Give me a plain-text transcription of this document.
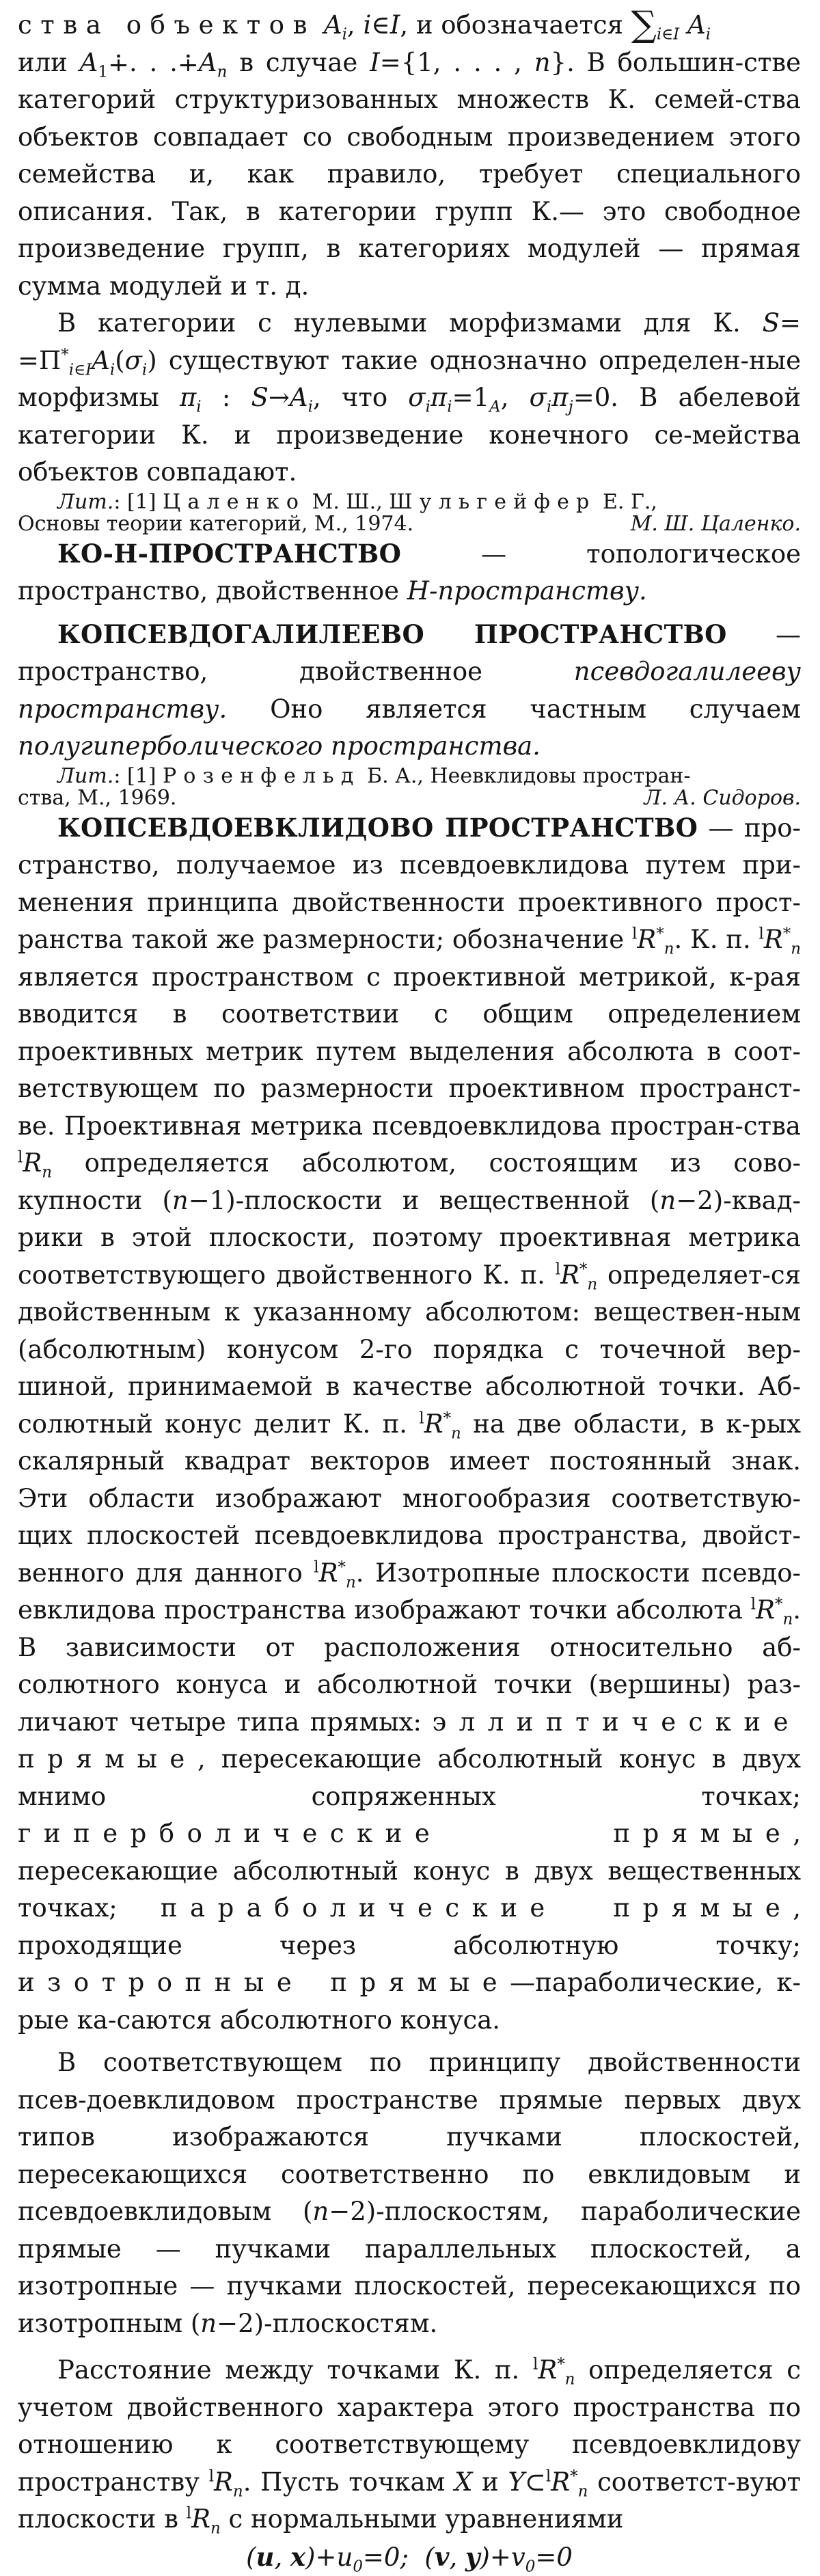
ства объектов $A_i$, i∈I, и обозначается $\sum_{i\in I}$ $A_i$
или $A_1∔$. . $.∔A_n$ в случае I={1, . . . , n}. В большин-стве категорий структуризованных множеств К. семей-ства объектов совпадает со свободным произведением этого семейства и, как правило, требует специального описания. Так, в категории групп К.— это свободное произведение групп, в категориях модулей — прямая сумма модулей и т. д.

В категории с нулевыми морфизмами для К. $S= =\Pi^*_{i\in I}A_i(\sigma_i)$ существуют такие однозначно определен-ные морфизмы $\pi_i$ : $S\to A_i$, что $\sigma_i\pi_i=1_A$, $\sigma_i\pi_j=0$. В абелевой категории К. и произведение конечного се-мейства объектов совпадают.

Лит.: [1] Цаленко М. Ш., Шульгейфер Е. Г.,
Основы теории категорий, М., 1974.	М. Ш. Цаленко.

КО-Н-ПРОСТРАНСТВО — топологическое пространство, двойственное Н-пространству.

КОПСЕВДОГАЛИЛЕЕВО ПРОСТРАНСТВО — пространство, двойственное псевдогалилееву пространству. Оно является частным случаем полугиперболического пространства.

Лит.: [1] Розенфельд Б. А., Неевклидовы простран-
ства, М., 1969.	Л. А. Сидоров.

КОПСЕВДОЕВКЛИДОВО ПРОСТРАНСТВО — про-странство, получаемое из псевдоевклидова путем при-менения принципа двойственности проективного прост-ранства такой же размерности; обозначение $^lR^*_n$. К. п. $^lR^*_n$ является пространством с проективной метрикой, к-рая вводится в соответствии с общим определением проективных метрик путем выделения абсолюта в соот-ветствующем по размерности проективном пространст-ве. Проективная метрика псевдоевклидова простран-ства $^lR_n$ определяется абсолютом, состоящим из сово-купности (n−1)-плоскости и вещественной (n−2)-квад-рики в этой плоскости, поэтому проективная метрика соответствующего двойственного К. п. $^lR^*_n$ определяет-ся двойственным к указанному абсолютом: веществен-ным (абсолютным) конусом 2-го порядка с точечной вер-шиной, принимаемой в качестве абсолютной точки. Аб-солютный конус делит К. п. $^lR^*_n$ на две области, в к-рых скалярный квадрат векторов имеет постоянный знак. Эти области изображают многообразия соответствую-щих плоскостей псевдоевклидова пространства, двойст-венного для данного $^lR^*_n$. Изотропные плоскости псевдо-евклидова пространства изображают точки абсолюта $^lR^*_n$. В зависимости от расположения относительно аб-солютного конуса и абсолютной точки (вершины) раз-личают четыре типа прямых: эллиптические прямые, пересекающие абсолютный конус в двух мнимо сопряженных точках; гиперболические прямые, пересекающие абсолютный конус в двух вещественных точках; параболические прямые, проходящие через абсолютную точку; изотропные прямые—параболические, к-рые ка-саются абсолютного конуса.

В соответствующем по принципу двойственности псев-доевклидовом пространстве прямые первых двух типов изображаются пучками плоскостей, пересекающихся соответственно по евклидовым и псевдоевклидовым (n−2)-плоскостям, параболические прямые — пучками параллельных плоскостей, а изотропные — пучками плоскостей, пересекающихся по изотропным (n−2)-плоскостям.

Расстояние между точками К. п. $^lR^*_n$ определяется с учетом двойственного характера этого пространства по отношению к соответствующему псевдоевклидову пространству $^lR_n$. Пусть точкам X и $Y\subset^lR^*_n$ соответст-вуют плоскости в $^lR_n$ с нормальными уравнениями

(u, $x)+u_0=0$;  (v, $y)+v_0=0$
